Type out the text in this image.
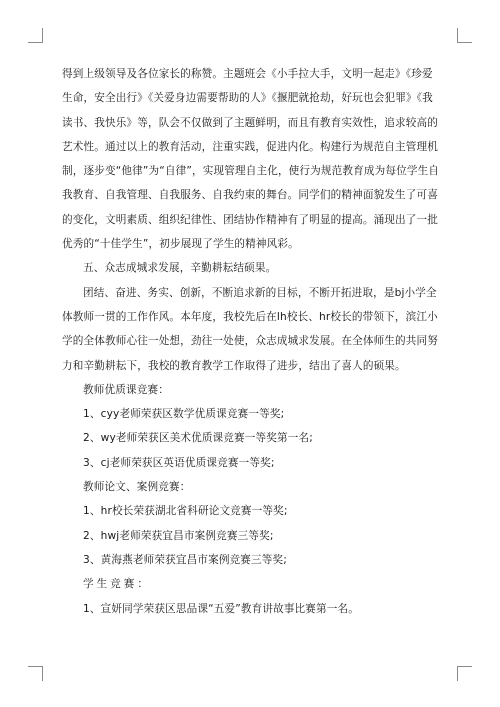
得到上级领导及各位家长的称赞。主题班会《小手拉大手，文明一起走》《珍爱生命，安全出行》《关爱身边需要帮助的人》《揠肥就抢劫，好玩也会犯罪》《我读书、我快乐》等，队会不仅做到了主题鲜明，而且有教育实效性，追求较高的艺术性。通过以上的教育活动，注重实践，促进内化。构建行为规范自主管理机制，逐步变“他律”为“自律”，实现管理自主化，使行为规范教育成为每位学生自我教育、自我管理、自我服务、自我约束的舞台。同学们的精神面貌发生了可喜的变化，文明素质、组织纪律性、团结协作精神有了明显的提高。涌现出了一批优秀的“十佳学生”，初步展现了学生的精神风彩。

五、众志成城求发展，辛勤耕耘结硕果。

团结、奋进、务实、创新，不断追求新的目标，不断开拓进取，是bj小学全体教师一贯的工作作风。本年度，我校先后在lh校长、hr校长的带领下，滨江小学的全体教师心往一处想，劲往一处使，众志成城求发展。在全体师生的共同努力和辛勤耕耘下，我校的教育教学工作取得了进步，结出了喜人的硕果。

教师优质课竞赛：

1、cyy老师荣获区数学优质课竞赛一等奖;

2、wy老师荣获区美术优质课竞赛一等奖第一名;

3、cj老师荣获区英语优质课竞赛一等奖;

教师论文、案例竞赛：

1、hr校长荣获湖北省科研论文竞赛一等奖;

2、hwj老师荣获宜昌市案例竞赛三等奖;

3、黄海燕老师荣获宜昌市案例竞赛三等奖;

学生竞赛：

1、宣妍同学荣获区思品课“五爱”教育讲故事比赛第一名。
